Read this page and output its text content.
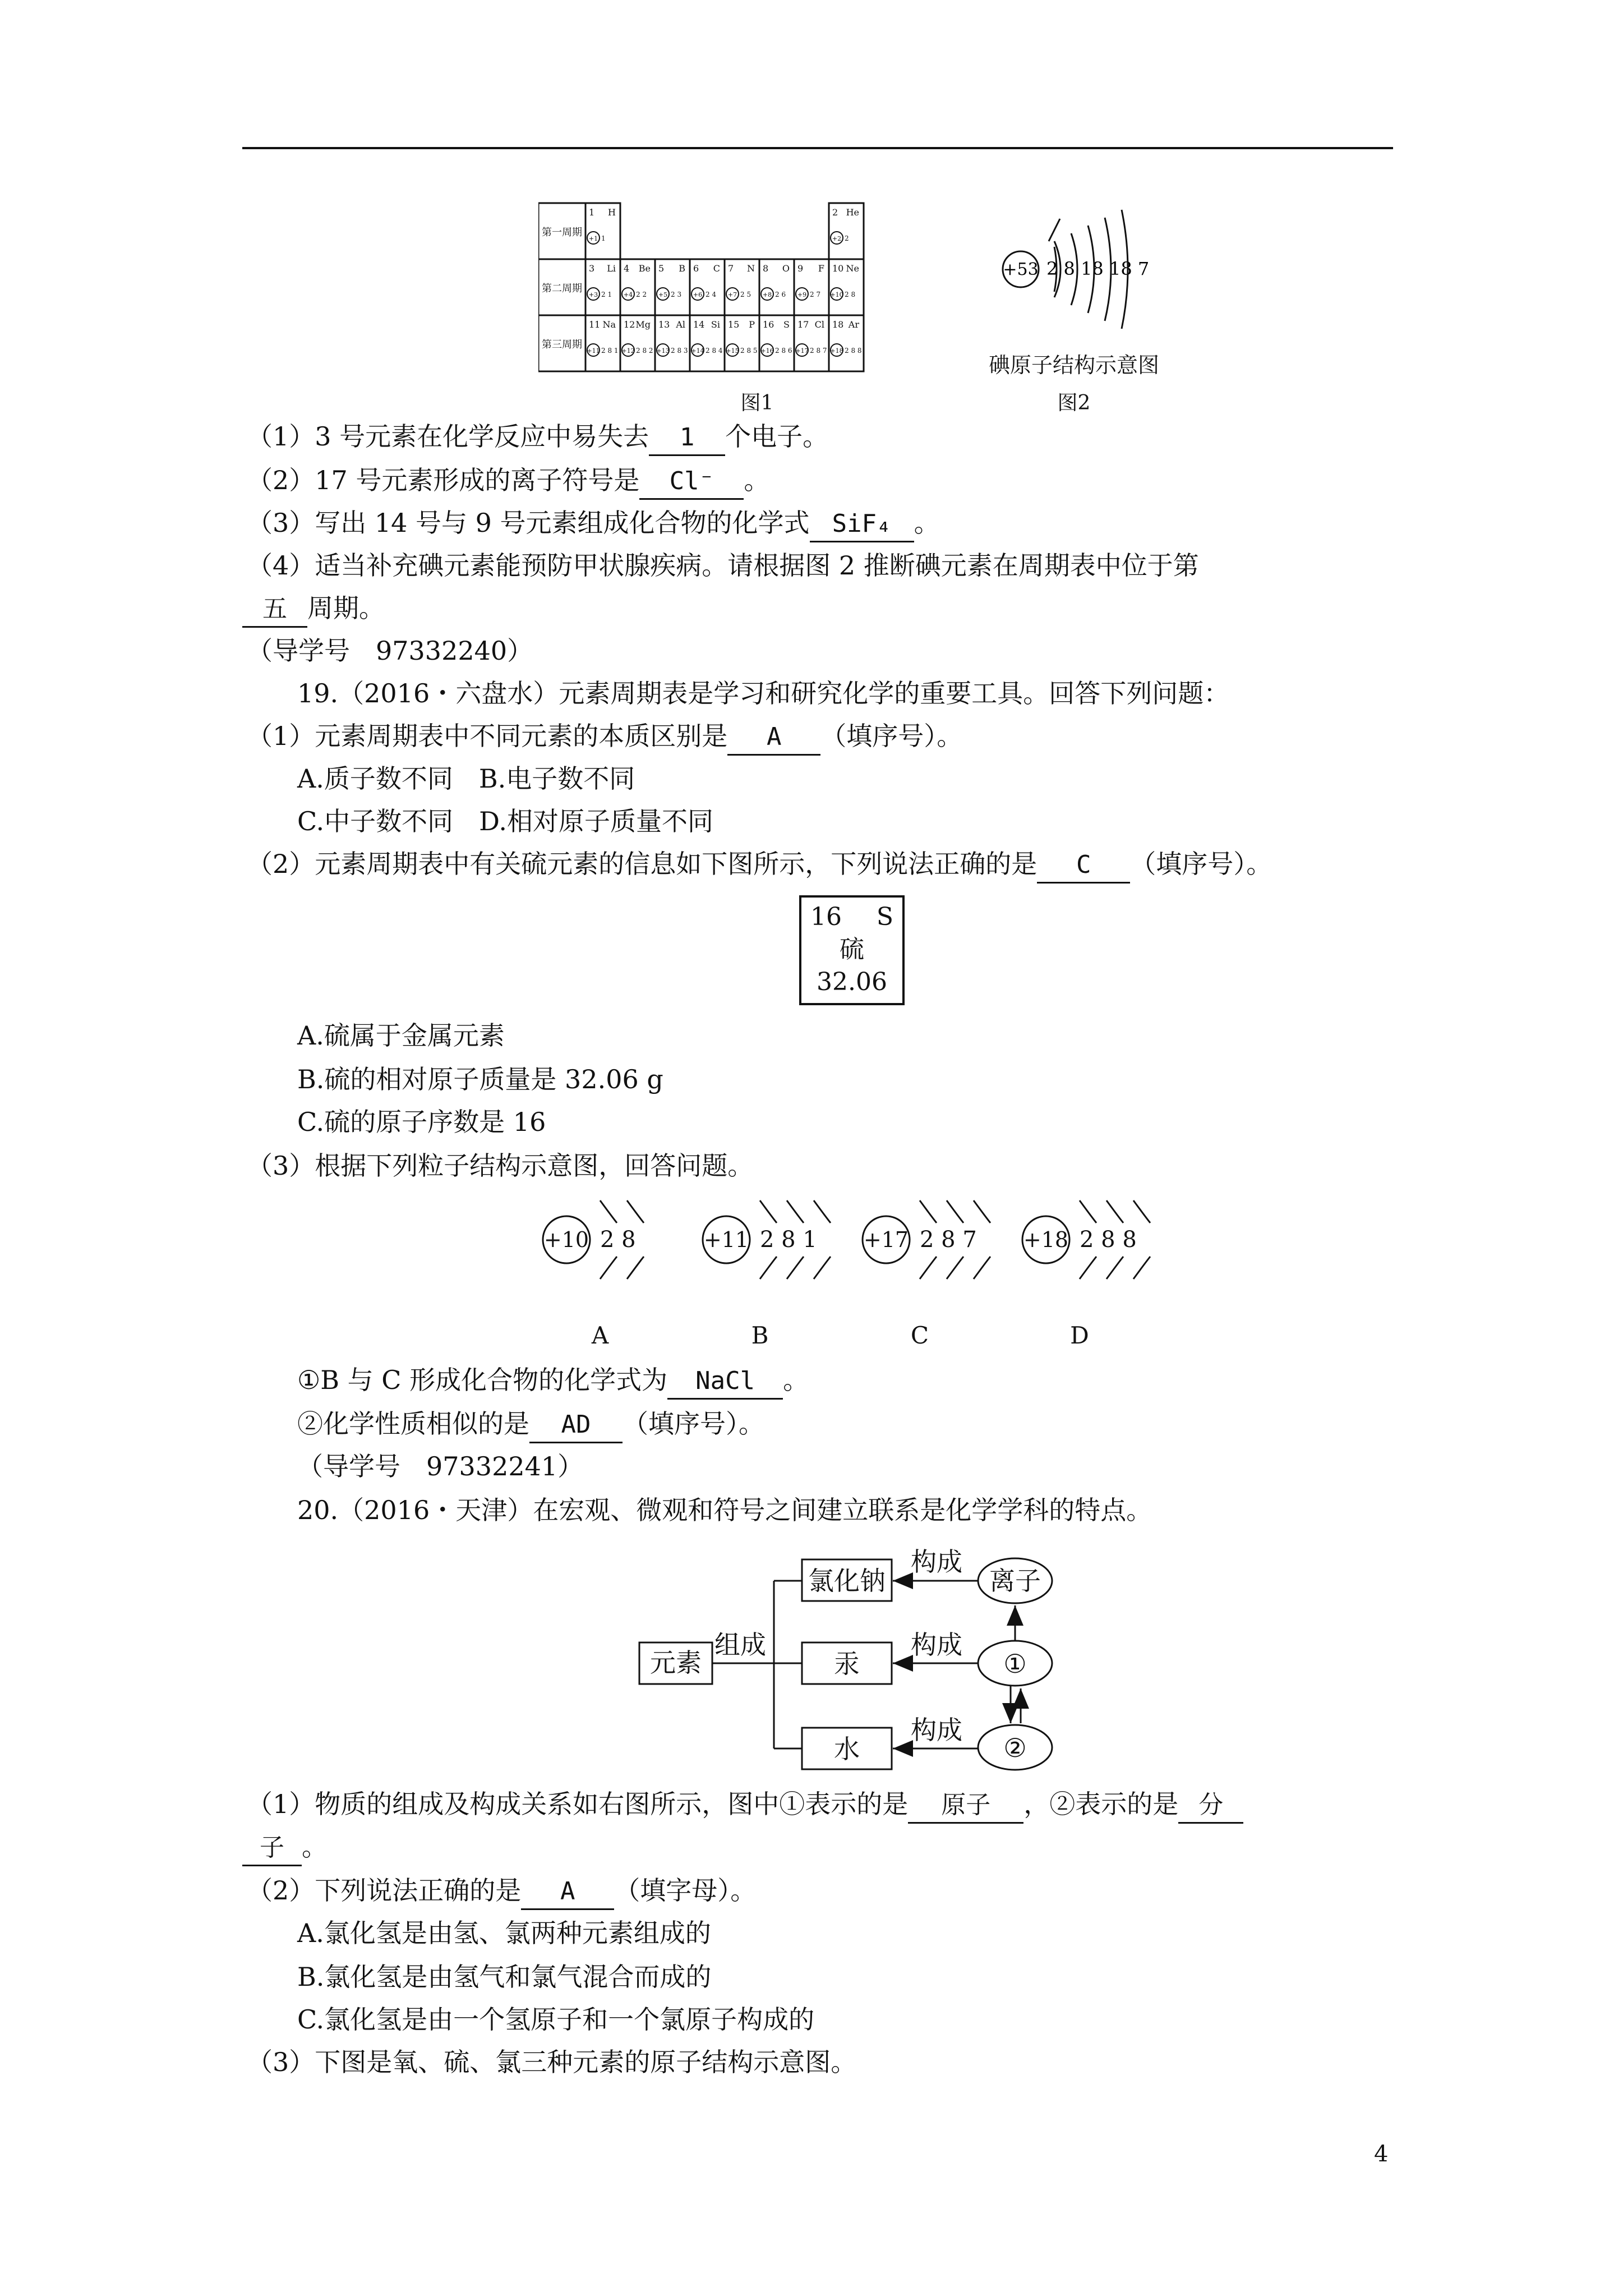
第一周期
第二周期
第三周期
1 H
+1 1
2 He
+2 2
3 Li
+3 2 1
4 Be
+4 2 2
5 B
+5 2 3
6 C
+6 2 4
7 N
+7 2 5
8 O
+8 2 6
9 F
+9 2 7
10 Ne
+10 2 8
11 Na
+11 2 8 1
12 Mg
+12 2 8 2
13 Al
+13 2 8 3
14 Si
+14 2 8 4
15 P
+15 2 8 5
16 S
+16 2 8 6
17 Cl
+17 2 8 7
18 Ar
+18 2 8 8
图1
+53 2 8 18 18 7
碘原子结构示意图
图2
（1）3 号元素在化学反应中易失去 1 个电子。
（2）17 号元素形成的离子符号是 Cl⁻ 。
（3）写出 14 号与 9 号元素组成化合物的化学式 SiF₄ 。
（4）适当补充碘元素能预防甲状腺疾病。请根据图 2 推断碘元素在周期表中位于第
五 周期。
（导学号　97332240）
19.（2016・六盘水）元素周期表是学习和研究化学的重要工具。回答下列问题：
（1）元素周期表中不同元素的本质区别是 A （填序号）。
A.质子数不同　B.电子数不同
C.中子数不同　D.相对原子质量不同
（2）元素周期表中有关硫元素的信息如下图所示，下列说法正确的是 C （填序号）。
16 S
硫
32.06
A.硫属于金属元素
B.硫的相对原子质量是 32.06 g
C.硫的原子序数是 16
（3）根据下列粒子结构示意图，回答问题。
+10 2 8
A
+11 2 8 1
B
+17 2 8 7
C
+18 2 8 8
D
①B 与 C 形成化合物的化学式为 NaCl 。
②化学性质相似的是 AD （填序号）。
（导学号　97332241）
20.（2016・天津）在宏观、微观和符号之间建立联系是化学学科的特点。
元素
组成
氯化钠
汞
水
构成
构成
构成
离子
①
②
（1）物质的组成及构成关系如右图所示，图中①表示的是 原子 ，②表示的是 分
子 。
（2）下列说法正确的是 A （填字母）。
A.氯化氢是由氢、氯两种元素组成的
B.氯化氢是由氢气和氯气混合而成的
C.氯化氢是由一个氢原子和一个氯原子构成的
（3）下图是氧、硫、氯三种元素的原子结构示意图。
4
